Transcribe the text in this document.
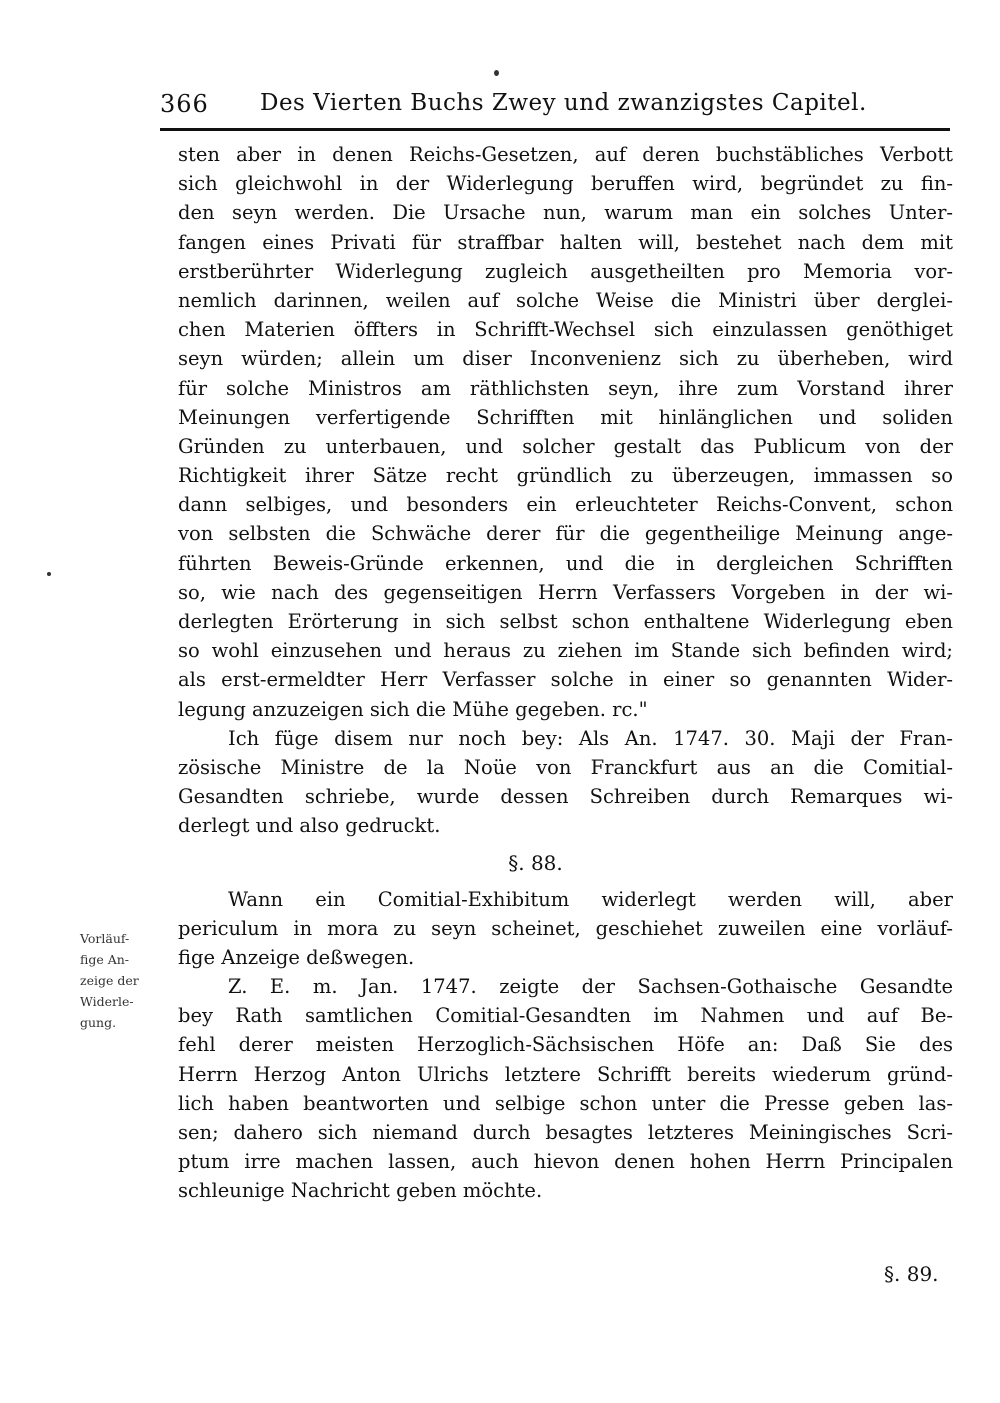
366 Des Vierten Buchs Zwey und zwanzigstes Capitel.
Vorläuf-
fige An-
zeige der
Widerle-
gung.
sten aber in denen Reichs-Gesetzen, auf deren buchstäbliches Verbott
sich gleichwohl in der Widerlegung beruffen wird, begründet zu fin-
den seyn werden. Die Ursache nun, warum man ein solches Unter-
fangen eines Privati für straffbar halten will, bestehet nach dem mit
erstberührter Widerlegung zugleich ausgetheilten pro Memoria vor-
nemlich darinnen, weilen auf solche Weise die Ministri über derglei-
chen Materien öffters in Schrifft-Wechsel sich einzulassen genöthiget
seyn würden; allein um diser Inconvenienz sich zu überheben, wird
für solche Ministros am räthlichsten seyn, ihre zum Vorstand ihrer
Meinungen verfertigende Schrifften mit hinlänglichen und soliden
Gründen zu unterbauen, und solcher gestalt das Publicum von der
Richtigkeit ihrer Sätze recht gründlich zu überzeugen, immassen so
dann selbiges, und besonders ein erleuchteter Reichs-Convent, schon
von selbsten die Schwäche derer für die gegentheilige Meinung ange-
führten Beweis-Gründe erkennen, und die in dergleichen Schrifften
so, wie nach des gegenseitigen Herrn Verfassers Vorgeben in der wi-
derlegten Erörterung in sich selbst schon enthaltene Widerlegung eben
so wohl einzusehen und heraus zu ziehen im Stande sich befinden wird;
als erst-ermeldter Herr Verfasser solche in einer so genannten Wider-
legung anzuzeigen sich die Mühe gegeben. rc."
Ich füge disem nur noch bey: Als An. 1747. 30. Maji der Fran-
zösische Ministre de la Noüe von Franckfurt aus an die Comitial-
Gesandten schriebe, wurde dessen Schreiben durch Remarques wi-
derlegt und also gedruckt.
§. 88.
Wann ein Comitial-Exhibitum widerlegt werden will, aber
periculum in mora zu seyn scheinet, geschiehet zuweilen eine vorläuf-
fige Anzeige deßwegen.
Z. E. m. Jan. 1747. zeigte der Sachsen-Gothaische Gesandte
bey Rath samtlichen Comitial-Gesandten im Nahmen und auf Be-
fehl derer meisten Herzoglich-Sächsischen Höfe an: Daß Sie des
Herrn Herzog Anton Ulrichs letztere Schrifft bereits wiederum gründ-
lich haben beantworten und selbige schon unter die Presse geben las-
sen; dahero sich niemand durch besagtes letzteres Meiningisches Scri-
ptum irre machen lassen, auch hievon denen hohen Herrn Principalen
schleunige Nachricht geben möchte.
§. 89.
